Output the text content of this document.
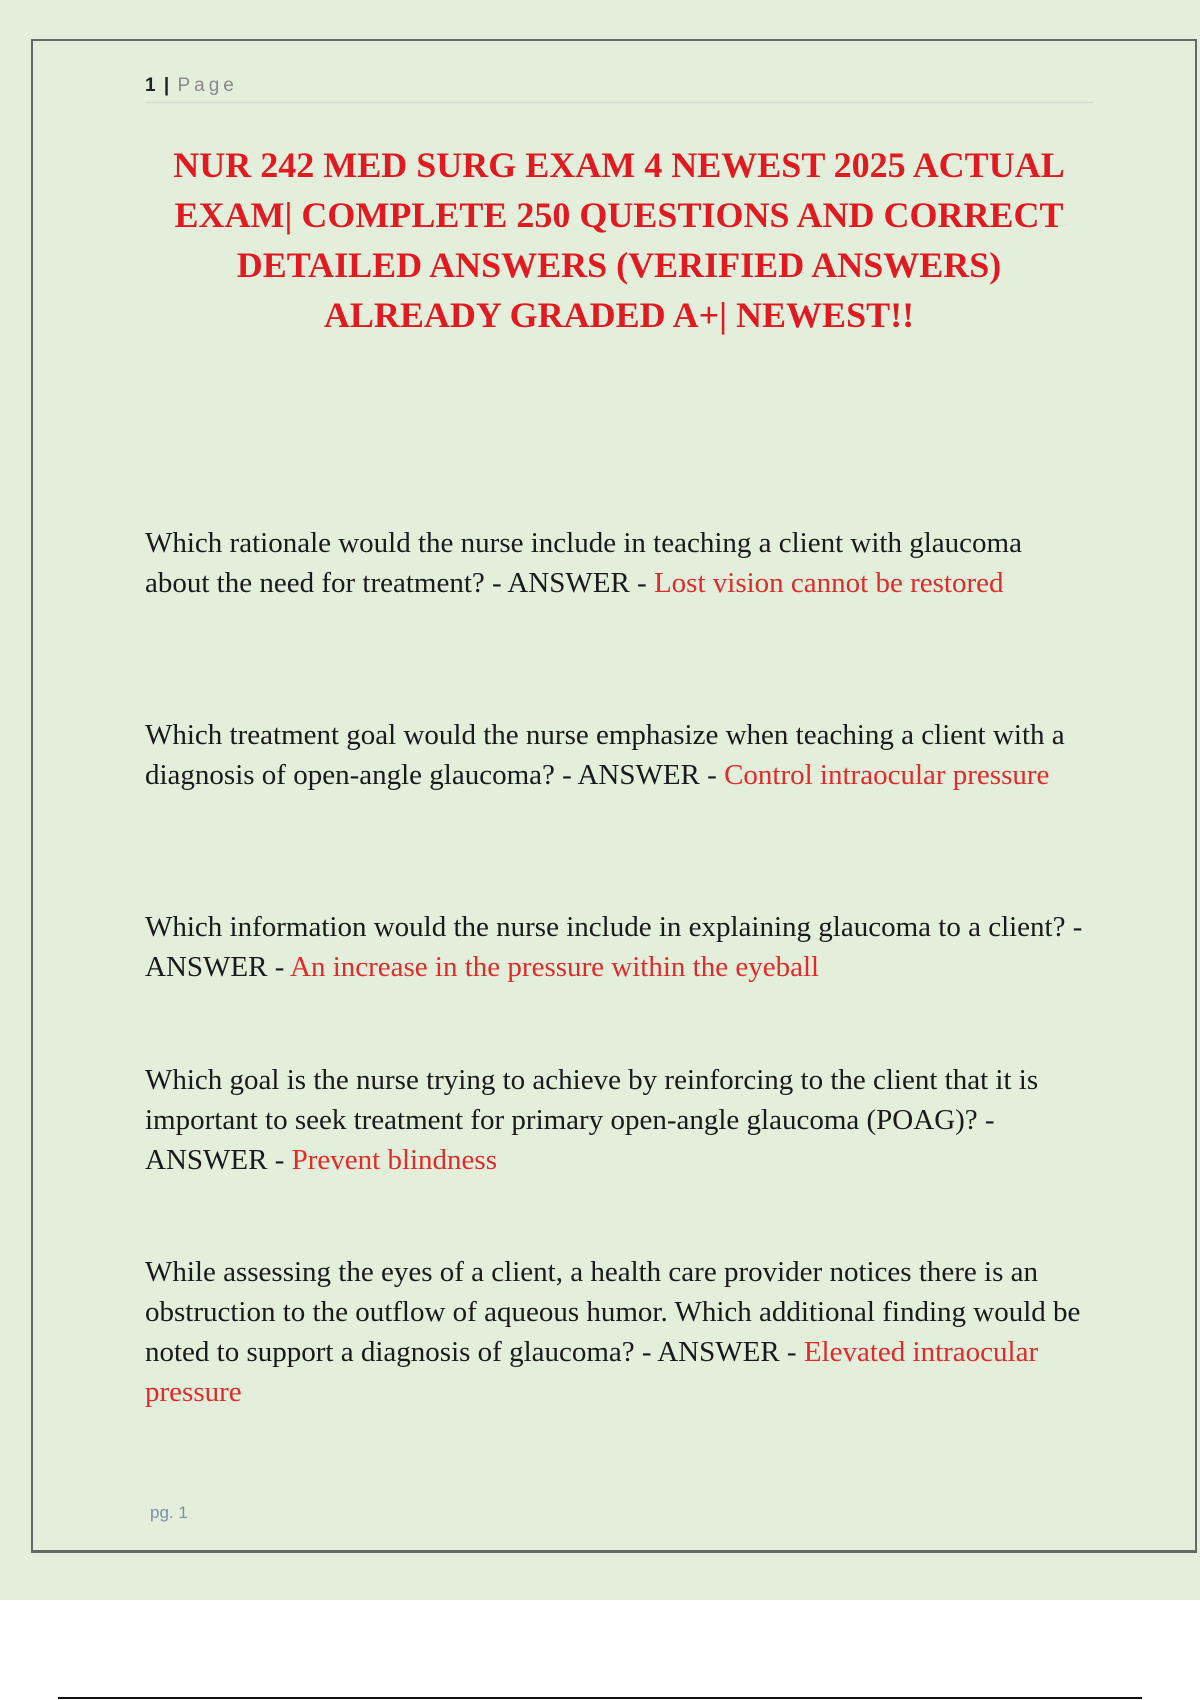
1 | Page
NUR 242 MED SURG EXAM 4 NEWEST 2025 ACTUAL EXAM| COMPLETE 250 QUESTIONS AND CORRECT DETAILED ANSWERS (VERIFIED ANSWERS) ALREADY GRADED A+| NEWEST!!

Which rationale would the nurse include in teaching a client with glaucoma about the need for treatment? - ANSWER - Lost vision cannot be restored

Which treatment goal would the nurse emphasize when teaching a client with a diagnosis of open-angle glaucoma? - ANSWER - Control intraocular pressure

Which information would the nurse include in explaining glaucoma to a client? - ANSWER - An increase in the pressure within the eyeball

Which goal is the nurse trying to achieve by reinforcing to the client that it is important to seek treatment for primary open-angle glaucoma (POAG)? - ANSWER - Prevent blindness

While assessing the eyes of a client, a health care provider notices there is an obstruction to the outflow of aqueous humor. Which additional finding would be noted to support a diagnosis of glaucoma? - ANSWER - Elevated intraocular pressure

pg. 1
